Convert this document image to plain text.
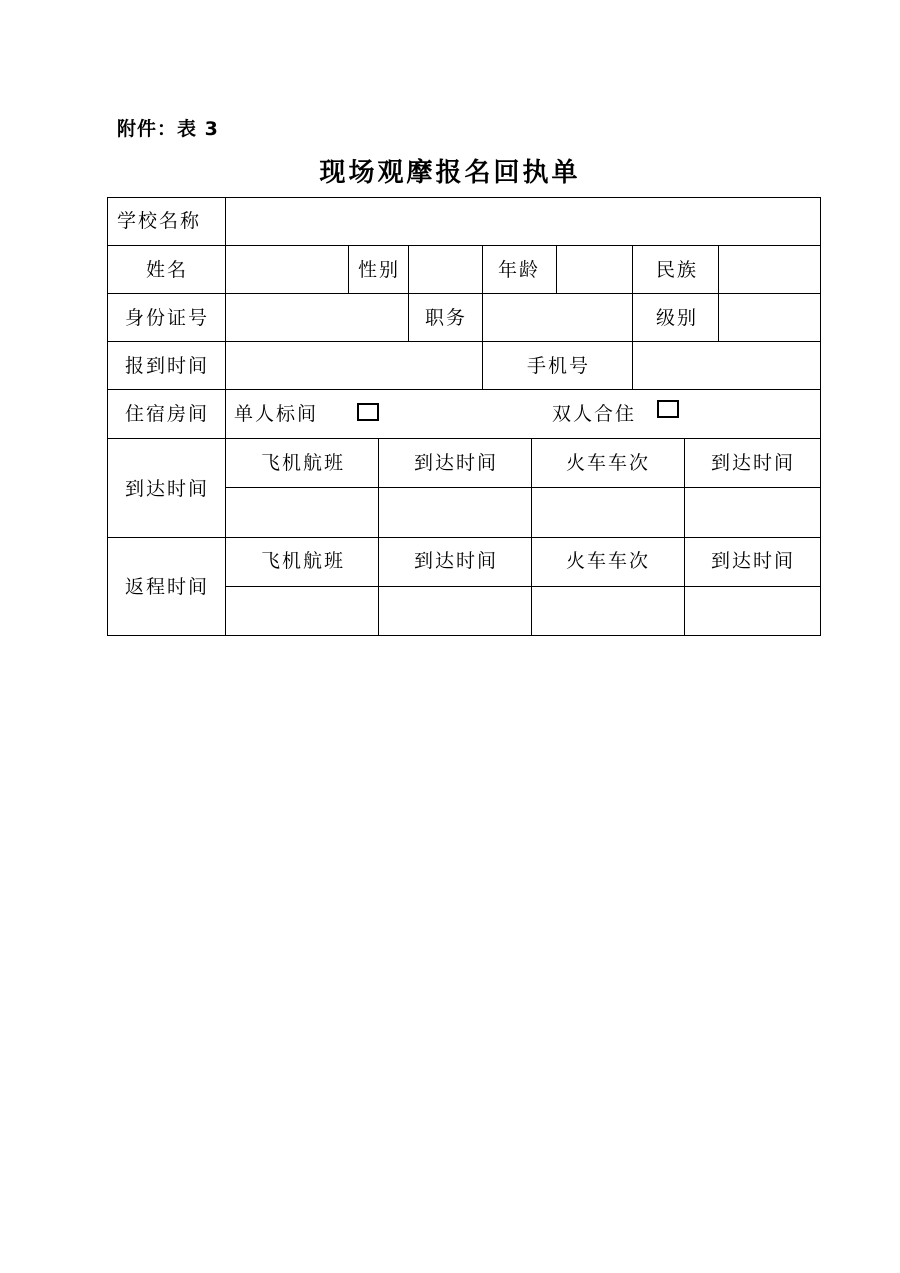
附件：表 3
现场观摩报名回执单
学校名称
姓名	性别	年龄	民族
身份证号	职务	级别
报到时间	手机号
住宿房间 单人标间	双人合住
到达时间
飞机航班	到达时间	火车车次	到达时间
返程时间
飞机航班	到达时间	火车车次	到达时间
